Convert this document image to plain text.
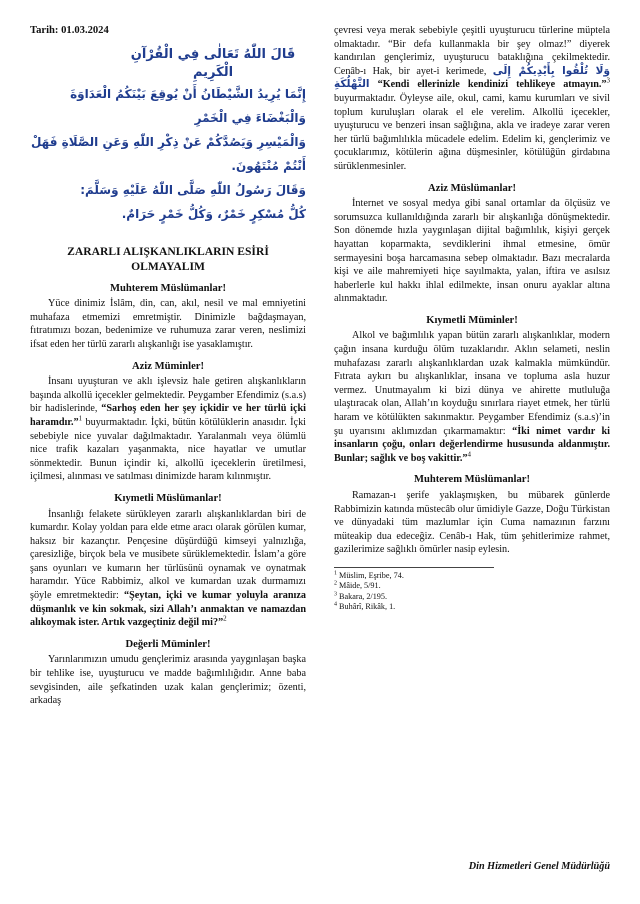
Tarih: 01.03.2024
قَالَ اللّٰهُ تَعَالٰى فِي الْقُرْآنِ الْكَرِيمِ
إِنَّمَا يُرِيدُ الشَّيْطَانُ أَنْ يُوقِعَ بَيْنَكُمُ الْعَدَاوَةَ وَالْبَغْضَاءَ فِي الْخَمْرِ
وَالْمَيْسِرِ وَيَصُدَّكُمْ عَنْ ذِكْرِ اللّٰهِ وَعَنِ الصَّلَاةِ فَهَلْ أَنْتُمْ مُنْتَهُونَ.
وَقَالَ رَسُولُ اللّٰهِ صَلَّى اللّٰهُ عَلَيْهِ وَسَلَّمَ:
كُلُّ مُسْكِرٍ خَمْرٌ، وَكُلُّ خَمْرٍ حَرَامٌ.
ZARARLI ALIŞKANLIKLARIN ESİRİ OLMAYALIM
Muhterem Müslümanlar!

Yüce dinimiz İslâm, din, can, akıl, nesil ve mal emniyetini muhafaza etmemizi emretmiştir. Dinimizle bağdaşmayan, fıtratımızı bozan, bedenimize ve ruhumuza zarar veren, neslimizi ifsat eden her türlü zararlı alışkanlığı ise yasaklamıştır.

Aziz Müminler!

İnsanı uyuşturan ve aklı işlevsiz hale getiren alışkanlıkların başında alkollü içecekler gelmektedir. Peygamber Efendimiz (s.a.s) bir hadislerinde, “Sarhoş eden her şey içkidir ve her türlü içki haramdır.”$^1$ buyurmaktadır. İçki, bütün kötülüklerin anasıdır. İçki sebebiyle nice yuvalar dağılmaktadır. Yaralanmalı veya ölümlü nice trafik kazaları yaşanmakta, nice hayatlar ve umutlar sönmektedir. Bunun içindir ki, alkollü içeceklerin üretilmesi, içilmesi, alınması ve satılması dinimizde haram kılınmıştır.

Kıymetli Müslümanlar!

İnsanlığı felakete sürükleyen zararlı alışkanlıklardan biri de kumardır. Kolay yoldan para elde etme aracı olarak görülen kumar, haksız bir kazançtır. Pençesine düşürdüğü kimseyi yalnızlığa, çaresizliğe, birçok bela ve musibete sürüklemektedir. İslam’a göre şans oyunları ve kumarın her türlüsünü oynamak ve oynatmak haramdır. Yüce Rabbimiz, alkol ve kumardan uzak durmamızı şöyle emretmektedir: “Şeytan, içki ve kumar yoluyla aranıza düşmanlık ve kin sokmak, sizi Allah’ı anmaktan ve namazdan alıkoymak ister. Artık vazgeçtiniz değil mi?”$^2$

Değerli Müminler!

Yarınlarımızın umudu gençlerimiz arasında yaygınlaşan başka bir tehlike ise, uyuşturucu ve madde bağımlılığıdır. Anne baba sevgisinden, aile şefkatinden uzak kalan gençlerimiz; özenti, arkadaş

çevresi veya merak sebebiyle çeşitli uyuşturucu türlerine müptela olmaktadır. “Bir defa kullanmakla bir şey olmaz!” diyerek kandırılan gençlerimiz, uyuşturucu bataklığına çekilmektedir. Cenâb-ı Hak, bir ayet-i kerimede, وَلَا تُلْقُوا بِأَيْدِيكُمْ إِلَى التَّهْلُكَةِ “Kendi ellerinizle kendinizi tehlikeye atmayın.”$^3$ buyurmaktadır. Öyleyse aile, okul, cami, kamu kurumları ve sivil toplum kuruluşları olarak el ele verelim. Alkollü içecekler, uyuşturucu ve benzeri insan sağlığına, akla ve iradeye zarar veren her türlü bağımlılıkla mücadele edelim. Edelim ki, gençlerimiz ve çocuklarımız, kötülerin ağına düşmesinler, kötülüğün girdabına sürüklenmesinler.

Aziz Müslümanlar!

İnternet ve sosyal medya gibi sanal ortamlar da ölçüsüz ve sorumsuzca kullanıldığında zararlı bir alışkanlığa dönüşmektedir. Son dönemde hızla yaygınlaşan dijital bağımlılık, kişiyi gerçek hayattan koparmakta, sevdiklerini ihmal etmesine, ömür sermayesini boşa harcamasına sebep olmaktadır. Bazı mecralarda kişi ve aile mahremiyeti hiçe sayılmakta, yalan, iftira ve asılsız haberlerle kul hakkı ihlal edilmekte, insan onuru ayaklar altına alınmaktadır.

Kıymetli Müminler!

Alkol ve bağımlılık yapan bütün zararlı alışkanlıklar, modern çağın insana kurduğu ölüm tuzaklarıdır. Aklın selameti, neslin muhafazası zararlı alışkanlıklardan uzak kalmakla mümkündür. Fıtrata aykırı bu alışkanlıklar, insana ve topluma asla huzur vermez. Unutmayalım ki bizi dünya ve ahirette mutluluğa ulaştıracak olan, Allah’ın koyduğu sınırlara riayet etmek, her türlü haram ve kötülükten sakınmaktır. Peygamber Efendimiz (s.a.s)’in şu uyarısını aklımızdan çıkarmamaktır: “İki nimet vardır ki insanların çoğu, onları değerlendirme hususunda aldanmıştır. Bunlar; sağlık ve boş vakittir.”$^4$

Muhterem Müslümanlar!

Ramazan-ı şerife yaklaşmışken, bu mübarek günlerde Rabbimizin katında müstecâb olur ümidiyle Gazze, Doğu Türkistan ve dünyadaki tüm mazlumlar için Cuma namazının farzını müteakip dua edeceğiz. Cenâb-ı Hak, tüm şehitlerimize rahmet, gazilerimize sağlıklı ömürler nasip eylesin.

$^1$ Müslim, Eşribe, 74.
$^2$ Mâide, 5/91.
$^3$ Bakara, 2/195.
$^4$ Buhârî, Rikâk, 1.
Din Hizmetleri Genel Müdürlüğü
